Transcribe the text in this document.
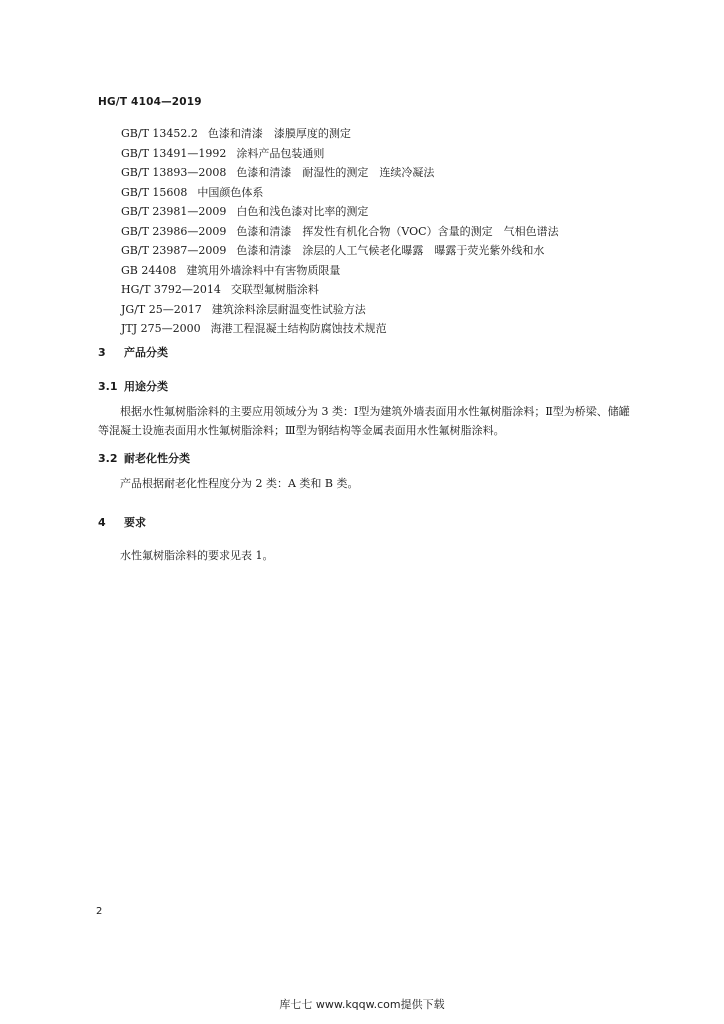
HG/T 4104—2019
GB/T 13452.2 色漆和清漆　漆膜厚度的测定
GB/T 13491—1992 涂料产品包装通则
GB/T 13893—2008 色漆和清漆　耐湿性的测定　连续冷凝法
GB/T 15608 中国颜色体系
GB/T 23981—2009 白色和浅色漆对比率的测定
GB/T 23986—2009 色漆和清漆　挥发性有机化合物（VOC）含量的测定　气相色谱法
GB/T 23987—2009 色漆和清漆　涂层的人工气候老化曝露　曝露于荧光紫外线和水
GB 24408 建筑用外墙涂料中有害物质限量
HG/T 3792—2014 交联型氟树脂涂料
JG/T 25—2017 建筑涂料涂层耐温变性试验方法
JTJ 275—2000 海港工程混凝土结构防腐蚀技术规范
3 产品分类
3.1 用途分类

根据水性氟树脂涂料的主要应用领域分为 3 类：Ⅰ型为建筑外墙表面用水性氟树脂涂料；Ⅱ型为桥梁、储罐等混凝土设施表面用水性氟树脂涂料；Ⅲ型为钢结构等金属表面用水性氟树脂涂料。

3.2 耐老化性分类

产品根据耐老化性程度分为 2 类：A 类和 B 类。

4 要求

水性氟树脂涂料的要求见表 1。

2
库七七 www.kqqw.com提供下载
